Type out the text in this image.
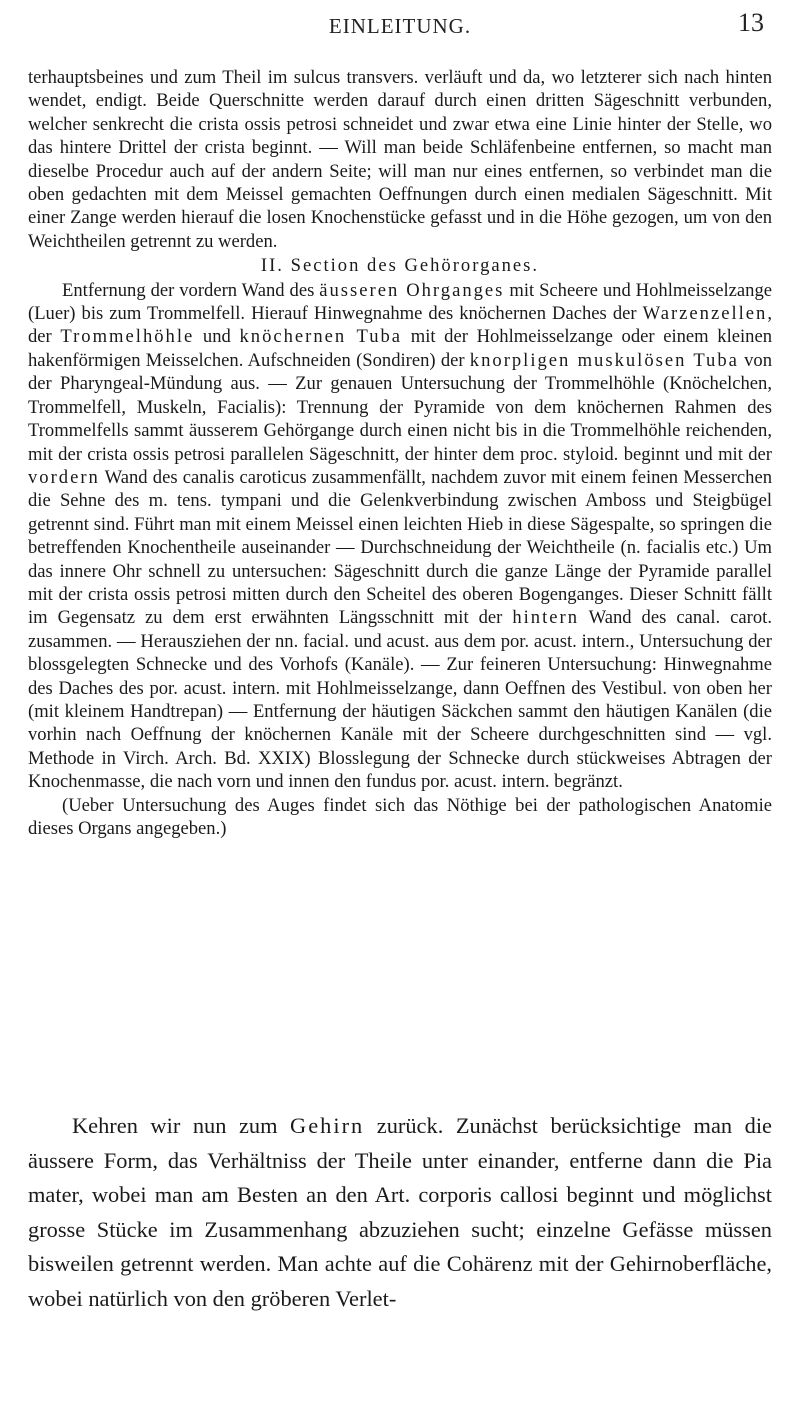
EINLEITUNG.	13

terhauptsbeines und zum Theil im sulcus transvers. verläuft und da, wo letzterer sich nach hinten wendet, endigt. Beide Querschnitte werden darauf durch einen dritten Sägeschnitt verbunden, welcher senkrecht die crista ossis petrosi schneidet und zwar etwa eine Linie hinter der Stelle, wo das hintere Drittel der crista beginnt. — Will man beide Schläfenbeine entfernen, so macht man dieselbe Procedur auch auf der andern Seite; will man nur eines entfernen, so verbindet man die oben gedachten mit dem Meissel gemachten Oeffnungen durch einen medialen Sägeschnitt. Mit einer Zange werden hierauf die losen Knochenstücke gefasst und in die Höhe gezogen, um von den Weichtheilen getrennt zu werden.

II. Section des Gehörorganes.

Entfernung der vordern Wand des äusseren Ohrganges mit Scheere und Hohlmeisselzange (Luer) bis zum Trommelfell. Hierauf Hinwegnahme des knöchernen Daches der Warzenzellen, der Trommelhöhle und knöchernen Tuba mit der Hohlmeisselzange oder einem kleinen hakenförmigen Meisselchen. Aufschneiden (Sondiren) der knorpligen muskulösen Tuba von der Pharyngeal-Mündung aus. — Zur genauen Untersuchung der Trommelhöhle (Knöchelchen, Trommelfell, Muskeln, Facialis): Trennung der Pyramide von dem knöchernen Rahmen des Trommelfells sammt äusserem Gehörgange durch einen nicht bis in die Trommelhöhle reichenden, mit der crista ossis petrosi parallelen Sägeschnitt, der hinter dem proc. styloid. beginnt und mit der vordern Wand des canalis caroticus zusammenfällt, nachdem zuvor mit einem feinen Messerchen die Sehne des m. tens. tympani und die Gelenkverbindung zwischen Amboss und Steigbügel getrennt sind. Führt man mit einem Meissel einen leichten Hieb in diese Sägespalte, so springen die betreffenden Knochentheile auseinander — Durchschneidung der Weichtheile (n. facialis etc.) Um das innere Ohr schnell zu untersuchen: Sägeschnitt durch die ganze Länge der Pyramide parallel mit der crista ossis petrosi mitten durch den Scheitel des oberen Bogenganges. Dieser Schnitt fällt im Gegensatz zu dem erst erwähnten Längsschnitt mit der hintern Wand des canal. carot. zusammen. — Herausziehen der nn. facial. und acust. aus dem por. acust. intern., Untersuchung der blossgelegten Schnecke und des Vorhofs (Kanäle). — Zur feineren Untersuchung: Hinwegnahme des Daches des por. acust. intern. mit Hohlmeisselzange, dann Oeffnen des Vestibul. von oben her (mit kleinem Handtrepan) — Entfernung der häutigen Säckchen sammt den häutigen Kanälen (die vorhin nach Oeffnung der knöchernen Kanäle mit der Scheere durchgeschnitten sind — vgl. Methode in Virch. Arch. Bd. XXIX) Blosslegung der Schnecke durch stückweises Abtragen der Knochenmasse, die nach vorn und innen den fundus por. acust. intern. begränzt.

(Ueber Untersuchung des Auges findet sich das Nöthige bei der pathologischen Anatomie dieses Organs angegeben.)

Kehren wir nun zum Gehirn zurück. Zunächst berücksichtige man die äussere Form, das Verhältniss der Theile unter einander, entferne dann die Pia mater, wobei man am Besten an den Art. corporis callosi beginnt und möglichst grosse Stücke im Zusammenhang abzuziehen sucht; einzelne Gefässe müssen bisweilen getrennt werden. Man achte auf die Cohärenz mit der Gehirnoberfläche, wobei natürlich von den gröberen Verlet-
